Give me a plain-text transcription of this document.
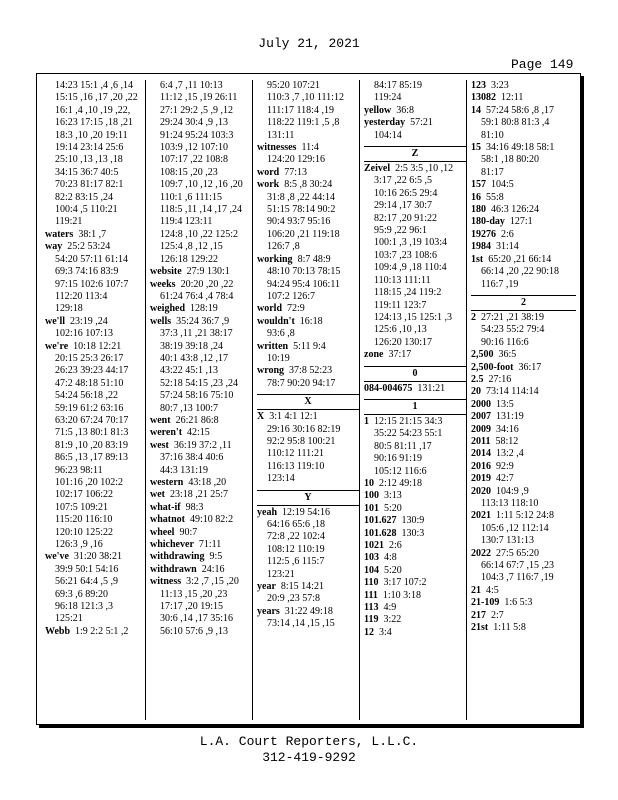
July 21, 2021
Page 149
14:23 15:1 ,4 ,6 ,14
15:15 ,16 ,17 ,20 ,22
16:1 ,4 ,10 ,19 ,22,
16:23 17:15 ,18 ,21
18:3 ,10 ,20 19:11
19:14 23:14 25:6
25:10 ,13 ,13 ,18
34:15 36:7 40:5
70:23 81:17 82:1
82:2 83:15 ,24
100:4 ,5 110:21
119:21
waters 38:1 ,7
way 25:2 53:24
54:20 57:11 61:14
69:3 74:16 83:9
97:15 102:6 107:7
112:20 113:4
129:18
we'll 23:19 ,24
102:16 107:13
we're 10:18 12:21
20:15 25:3 26:17
26:23 39:23 44:17
47:2 48:18 51:10
54:24 56:18 ,22
59:19 61:2 63:16
63:20 67:24 70:17
71:5 ,13 80:1 81:3
81:9 ,10 ,20 83:19
86:5 ,13 ,17 89:13
96:23 98:11
101:16 ,20 102:2
102:17 106:22
107:5 109:21
115:20 116:10
120:10 125:22
126:3 ,9 ,16
we've 31:20 38:21
39:9 50:1 54:16
56:21 64:4 ,5 ,9
69:3 ,6 89:20
96:18 121:3 ,3
125:21
Webb 1:9 2:2 5:1 ,2
6:4 ,7 ,11 10:13
11:12 ,15 ,19 26:11
27:1 29:2 ,5 ,9 ,12
29:24 30:4 ,9 ,13
91:24 95:24 103:3
103:9 ,12 107:10
107:17 ,22 108:8
108:15 ,20 ,23
109:7 ,10 ,12 ,16 ,20
110:1 ,6 111:15
118:5 ,11 ,14 ,17 ,24
119:4 123:11
124:8 ,10 ,22 125:2
125:4 ,8 ,12 ,15
126:18 129:22
website 27:9 130:1
weeks 20:20 ,20 ,22
61:24 76:4 ,4 78:4
weighed 128:19
wells 35:24 36:7 ,9
37:3 ,11 ,21 38:17
38:19 39:18 ,24
40:1 43:8 ,12 ,17
43:22 45:1 ,13
52:18 54:15 ,23 ,24
57:24 58:16 75:10
80:7 ,13 100:7
went 26:21 86:8
weren't 42:15
west 36:19 37:2 ,11
37:16 38:4 40:6
44:3 131:19
western 43:18 ,20
wet 23:18 ,21 25:7
what-if 98:3
whatnot 49:10 82:2
wheel 90:7
whichever 71:11
withdrawing 9:5
withdrawn 24:16
witness 3:2 ,7 ,15 ,20
11:13 ,15 ,20 ,23
17:17 ,20 19:15
30:6 ,14 ,17 35:16
56:10 57:6 ,9 ,13
95:20 107:21
110:3 ,7 ,10 111:12
111:17 118:4 ,19
118:22 119:1 ,5 ,8
131:11
witnesses 11:4
124:20 129:16
word 77:13
work 8:5 ,8 30:24
31:8 ,8 ,22 44:14
51:15 78:14 90:2
90:4 93:7 95:16
106:20 ,21 119:18
126:7 ,8
working 8:7 48:9
48:10 70:13 78:15
94:24 95:4 106:11
107:2 126:7
world 72:9
wouldn't 16:18
93:6 ,8
written 5:11 9:4
10:19
wrong 37:8 52:23
78:7 90:20 94:17
X
X 3:1 4:1 12:1
29:16 30:16 82:19
92:2 95:8 100:21
110:12 111:21
116:13 119:10
123:14
Y
yeah 12:19 54:16
64:16 65:6 ,18
72:8 ,22 102:4
108:12 110:19
112:5 ,6 115:7
123:21
year 8:15 14:21
20:9 ,23 57:8
years 31:22 49:18
73:14 ,14 ,15 ,15
84:17 85:19
119:24
yellow 36:8
yesterday 57:21
104:14
Z
Zeivel 2:5 3:5 ,10 ,12
3:17 ,22 6:5 ,5
10:16 26:5 29:4
29:14 ,17 30:7
82:17 ,20 91:22
95:9 ,22 96:1
100:1 ,3 ,19 103:4
103:7 ,23 108:6
109:4 ,9 ,18 110:4
110:13 111:11
118:15 ,24 119:2
119:11 123:7
124:13 ,15 125:1 ,3
125:6 ,10 ,13
126:20 130:17
zone 37:17
0
084-004675 131:21
1
1 12:15 21:15 34:3
35:22 54:23 55:1
80:5 81:11 ,17
90:16 91:19
105:12 116:6
10 2:12 49:18
100 3:13
101 5:20
101.627 130:9
101.628 130:3
1021 2:6
103 4:8
104 5:20
110 3:17 107:2
111 1:10 3:18
113 4:9
119 3:22
12 3:4
123 3:23
13082 12:11
14 57:24 58:6 ,8 ,17
59:1 80:8 81:3 ,4
81:10
15 34:16 49:18 58:1
58:1 ,18 80:20
81:17
157 104:5
16 55:8
180 46:3 126:24
180-day 127:1
19276 2:6
1984 31:14
1st 65:20 ,21 66:14
66:14 ,20 ,22 90:18
116:7 ,19
2
2 27:21 ,21 38:19
54:23 55:2 79:4
90:16 116:6
2,500 36:5
2,500-foot 36:17
2.5 27:16
20 73:14 114:14
2000 13:5
2007 131:19
2009 34:16
2011 58:12
2014 13:2 ,4
2016 92:9
2019 42:7
2020 104:9 ,9
113:13 118:10
2021 1:11 5:12 24:8
105:6 ,12 112:14
130:7 131:13
2022 27:5 65:20
66:14 67:7 ,15 ,23
104:3 ,7 116:7 ,19
21 4:5
21-109 1:6 5:3
217 2:7
21st 1:11 5:8
L.A. Court Reporters, L.L.C.
312-419-9292
